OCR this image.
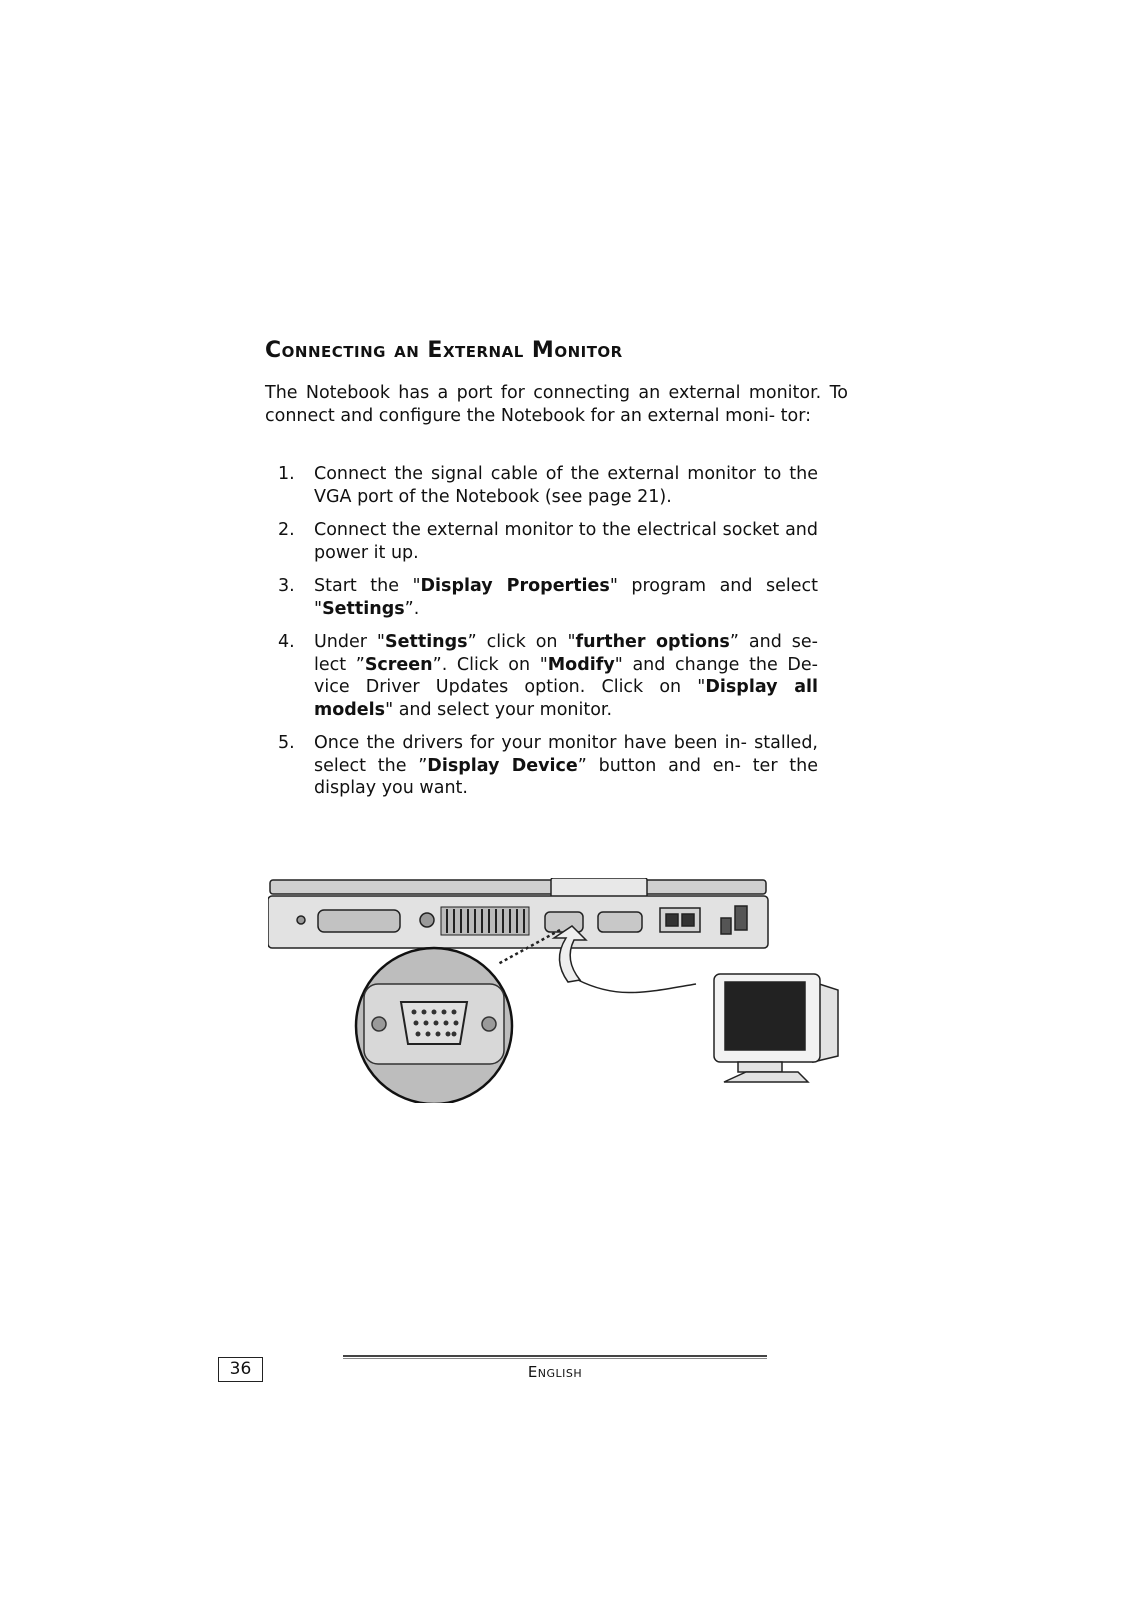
Connecting an External Monitor

The Notebook has a port for connecting an external monitor. To connect and configure the Notebook for an external moni- tor:

1. Connect the signal cable of the external monitor to the VGA port of the Notebook (see page 21).
2. Connect the external monitor to the electrical socket and power it up.
3. Start the "Display Properties" program and select "Settings”.
4. Under "Settings” click on "further options” and se- lect ”Screen”. Click on "Modify" and change the De- vice Driver Updates option. Click on "Display all models" and select your monitor.
5. Once the drivers for your monitor have been in- stalled, select the ”Display Device” button and en- ter the display you want.
36	English
